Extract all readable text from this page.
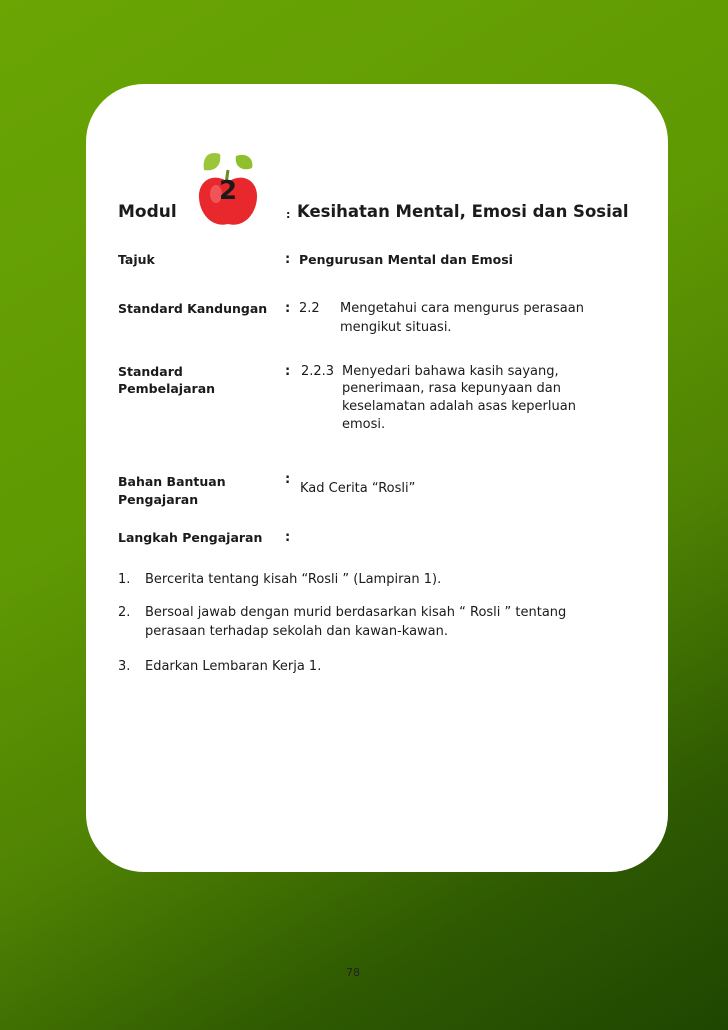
Modul
2
: Kesihatan Mental, Emosi dan Sosial
Tajuk	: Pengurusan Mental dan Emosi
Standard Kandungan : 2.2 Mengetahui cara mengurus perasaan
mengikut situasi.
Standard
Pembelajaran
: 2.2.3 Menyedari bahawa kasih sayang,
penerimaan, rasa kepunyaan dan
keselamatan adalah asas keperluan
emosi.
Bahan Bantuan
Pengajaran
:
Kad Cerita “Rosli”
Langkah Pengajaran :
1. Bercerita tentang kisah “Rosli ” (Lampiran 1).
2. Bersoal jawab dengan murid berdasarkan kisah “ Rosli ” tentang
perasaan terhadap sekolah dan kawan-kawan.
3. Edarkan Lembaran Kerja 1.
78
